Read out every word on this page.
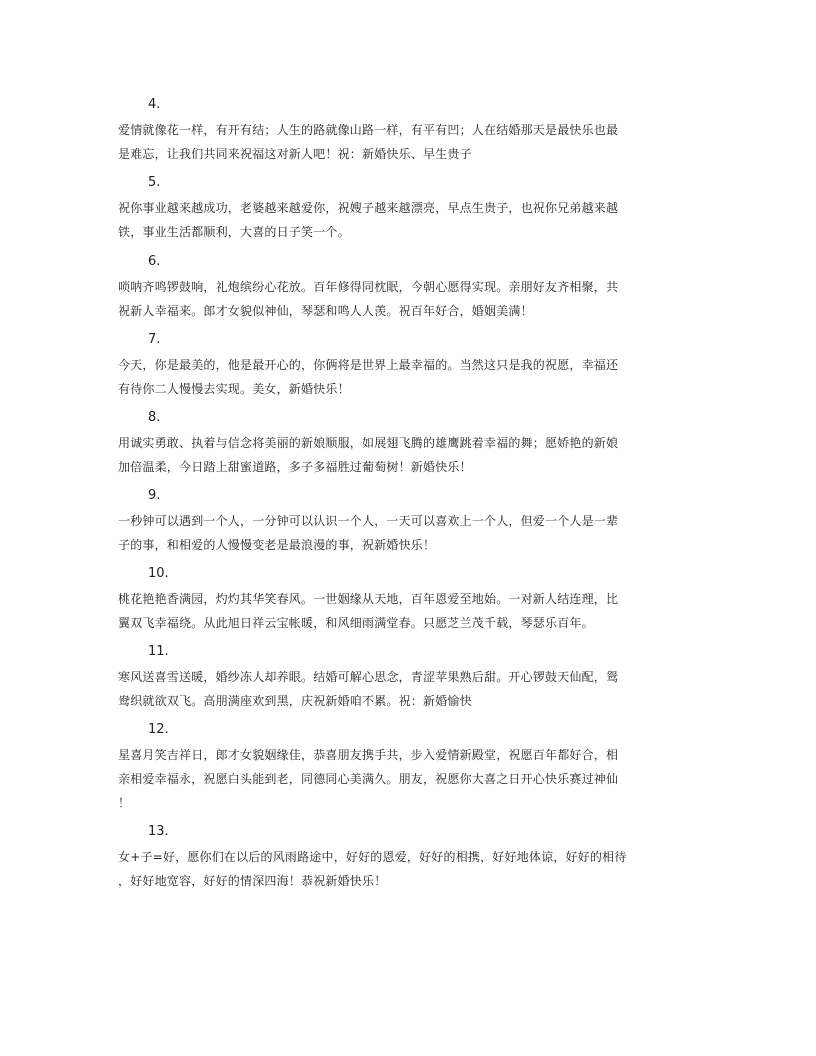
4.
爱情就像花一样，有开有结；人生的路就像山路一样，有平有凹；人在结婚那天是最快乐也最
是难忘，让我们共同来祝福这对新人吧！祝：新婚快乐、早生贵子
5.
祝你事业越来越成功，老婆越来越爱你，祝嫂子越来越漂亮，早点生贵子，也祝你兄弟越来越
铁，事业生活都顺利，大喜的日子笑一个。
6.
唢呐齐鸣锣鼓响，礼炮缤纷心花放。百年修得同枕眠，今朝心愿得实现。亲朋好友齐相聚，共
祝新人幸福来。郎才女貌似神仙，琴瑟和鸣人人羡。祝百年好合，婚姻美满！
7.
今天，你是最美的，他是最开心的，你俩将是世界上最幸福的。当然这只是我的祝愿，幸福还
有待你二人慢慢去实现。美女，新婚快乐！
8.
用诚实勇敢、执着与信念将美丽的新娘顺服，如展翅飞腾的雄鹰跳着幸福的舞；愿娇艳的新娘
加倍温柔，今日踏上甜蜜道路，多子多福胜过葡萄树！新婚快乐！
9.
一秒钟可以遇到一个人，一分钟可以认识一个人，一天可以喜欢上一个人，但爱一个人是一辈
子的事，和相爱的人慢慢变老是最浪漫的事，祝新婚快乐！
10.
桃花艳艳香满园，灼灼其华笑春风。一世姻缘从天地，百年恩爱至地始。一对新人结连理，比
翼双飞幸福绕。从此旭日祥云宝帐暖，和风细雨满堂春。只愿芝兰茂千载，琴瑟乐百年。
11.
寒风送喜雪送暖，婚纱冻人却养眼。结婚可解心思念，青涩苹果熟后甜。开心锣鼓天仙配，鸳
鸯织就欲双飞。高朋满座欢到黑，庆祝新婚咱不累。祝：新婚愉快
12.
星喜月笑吉祥日，郎才女貌姻缘佳，恭喜朋友携手共，步入爱情新殿堂，祝愿百年都好合，相
亲相爱幸福永，祝愿白头能到老，同德同心美满久。朋友，祝愿你大喜之日开心快乐赛过神仙
！
13.
女+子=好，愿你们在以后的风雨路途中，好好的恩爱，好好的相携，好好地体谅，好好的相待
，好好地宽容，好好的情深四海！恭祝新婚快乐！
